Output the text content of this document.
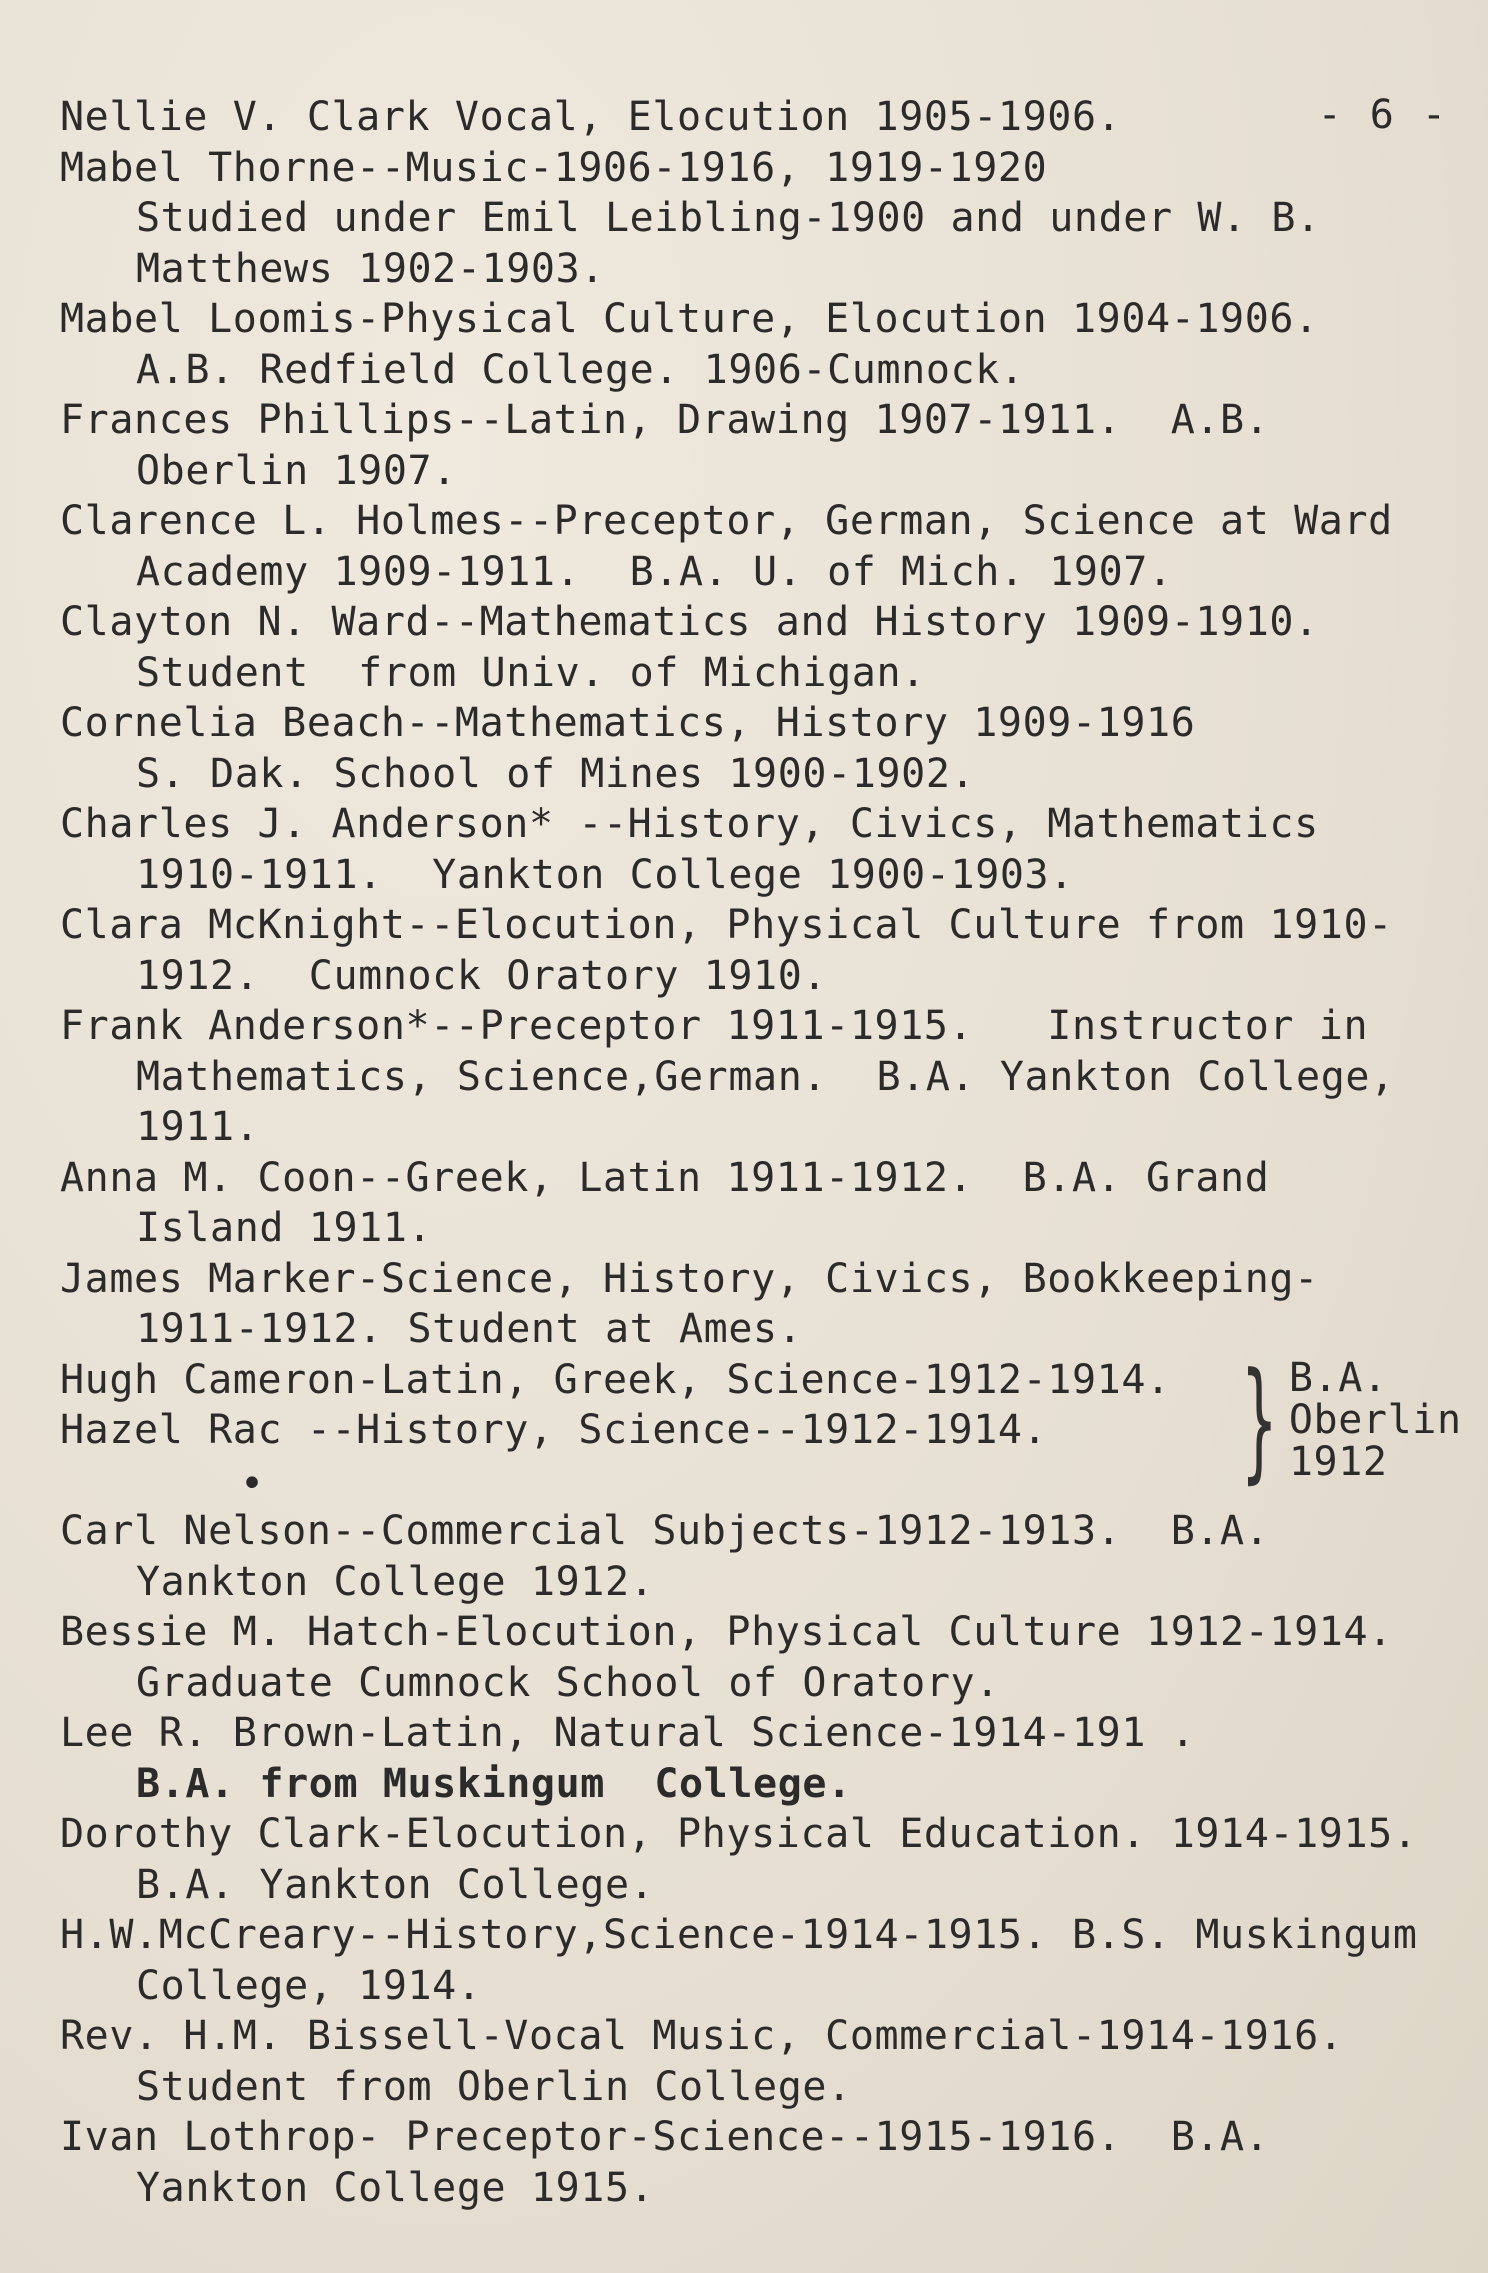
- 6 -
Nellie V. Clark Vocal, Elocution 1905-1906.
Mabel Thorne--Music-1906-1916, 1919-1920
Studied under Emil Leibling-1900 and under W. B.
Matthews 1902-1903.
Mabel Loomis-Physical Culture, Elocution 1904-1906.
A.B. Redfield College. 1906-Cumnock.
Frances Phillips--Latin, Drawing 1907-1911.  A.B.
Oberlin 1907.
Clarence L. Holmes--Preceptor, German, Science at Ward
Academy 1909-1911.  B.A. U. of Mich. 1907.
Clayton N. Ward--Mathematics and History 1909-1910.
Student  from Univ. of Michigan.
Cornelia Beach--Mathematics, History 1909-1916
S. Dak. School of Mines 1900-1902.
Charles J. Anderson* --History, Civics, Mathematics
1910-1911.  Yankton College 1900-1903.
Clara McKnight--Elocution, Physical Culture from 1910-
1912.  Cumnock Oratory 1910.
Frank Anderson*--Preceptor 1911-1915.   Instructor in
Mathematics, Science,German.  B.A. Yankton College,
1911.
Anna M. Coon--Greek, Latin 1911-1912.  B.A. Grand
Island 1911.
James Marker-Science, History, Civics, Bookkeeping-
1911-1912. Student at Ames.
Hugh Cameron-Latin, Greek, Science-1912-1914.
Hazel Rac --History, Science--1912-1914.

•	} B.A.
Oberlin
1912
Carl Nelson--Commercial Subjects-1912-1913.  B.A.
Yankton College 1912.
Bessie M. Hatch-Elocution, Physical Culture 1912-1914.
Graduate Cumnock School of Oratory.
Lee R. Brown-Latin, Natural Science-1914-191 .
B.A. from Muskingum  College.
Dorothy Clark-Elocution, Physical Education. 1914-1915.
B.A. Yankton College.
H.W.McCreary--History,Science-1914-1915. B.S. Muskingum
College, 1914.
Rev. H.M. Bissell-Vocal Music, Commercial-1914-1916.
Student from Oberlin College.
Ivan Lothrop- Preceptor-Science--1915-1916.  B.A.
Yankton College 1915.
